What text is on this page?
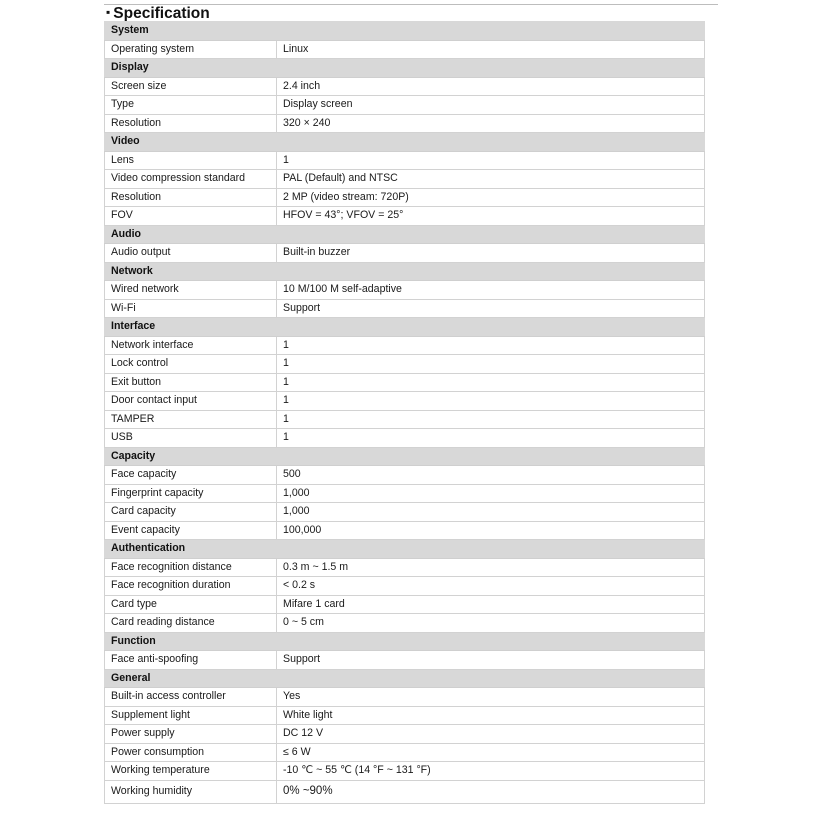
▪ Specification
System	
Operating system	Linux
Display	
Screen size	2.4 inch
Type	Display screen
Resolution	320 × 240
Video	
Lens	1
Video compression standard	PAL (Default) and NTSC
Resolution	2 MP (video stream: 720P)
FOV	HFOV = 43°; VFOV = 25°
Audio	
Audio output	Built-in buzzer
Network	
Wired network	10 M/100 M self-adaptive
Wi-Fi	Support
Interface	
Network interface	1
Lock control	1
Exit button	1
Door contact input	1
TAMPER	1
USB	1
Capacity	
Face capacity	500
Fingerprint capacity	1,000
Card capacity	1,000
Event capacity	100,000
Authentication	
Face recognition distance	0.3 m ~ 1.5 m
Face recognition duration	< 0.2 s
Card type	Mifare 1 card
Card reading distance	0 ~ 5 cm
Function	
Face anti-spoofing	Support
General	
Built-in access controller	Yes
Supplement light	White light
Power supply	DC 12 V
Power consumption	≤ 6 W
Working temperature	-10 ℃ ~ 55 ℃ (14 °F ~ 131 °F)
Working humidity	0% ~90%
